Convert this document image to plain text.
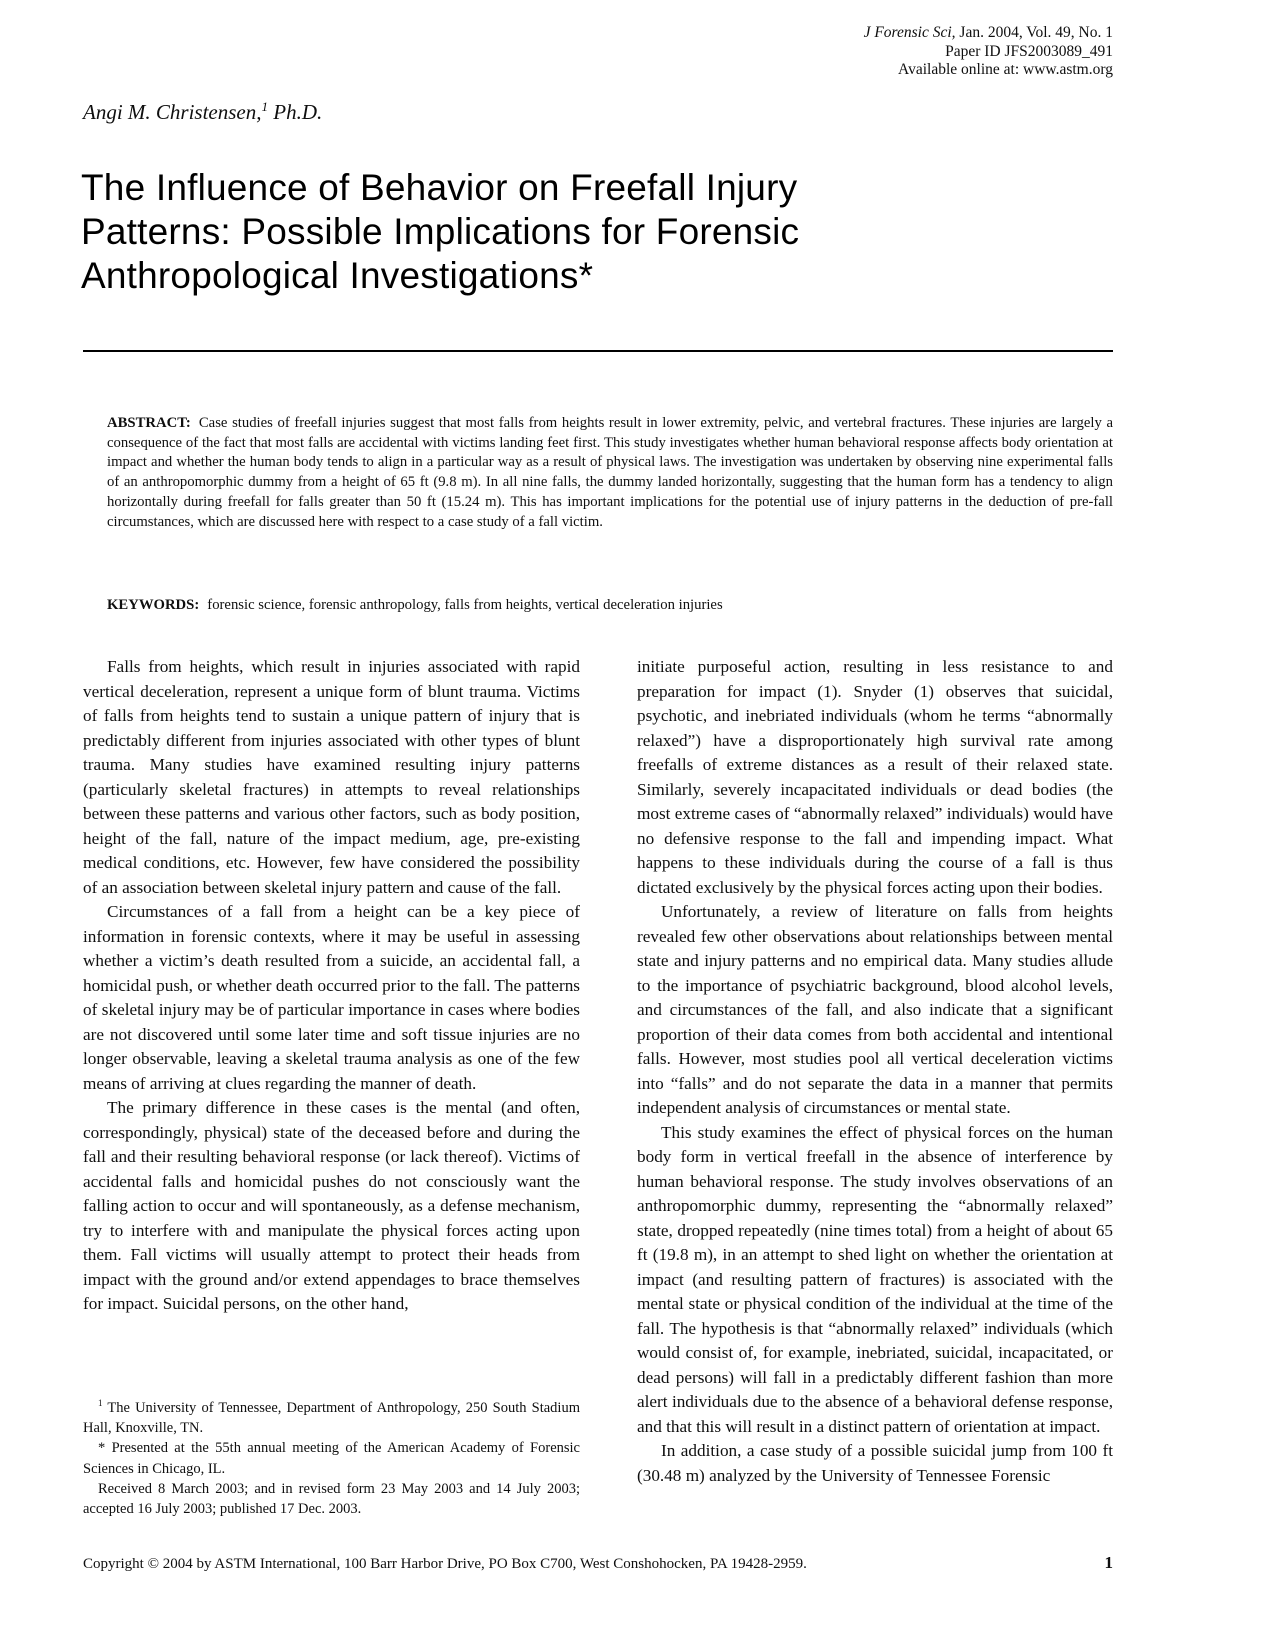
J Forensic Sci, Jan. 2004, Vol. 49, No. 1
Paper ID JFS2003089_491
Available online at: www.astm.org
Angi M. Christensen,$^1$ Ph.D.
The Influence of Behavior on Freefall Injury
Patterns: Possible Implications for Forensic
Anthropological Investigations*
ABSTRACT: Case studies of freefall injuries suggest that most falls from heights result in lower extremity, pelvic, and vertebral fractures. These injuries are largely a consequence of the fact that most falls are accidental with victims landing feet first. This study investigates whether human behavioral response affects body orientation at impact and whether the human body tends to align in a particular way as a result of physical laws. The investigation was undertaken by observing nine experimental falls of an anthropomorphic dummy from a height of 65 ft (9.8 m). In all nine falls, the dummy landed horizontally, suggesting that the human form has a tendency to align horizontally during freefall for falls greater than 50 ft (15.24 m). This has important implications for the potential use of injury patterns in the deduction of pre-fall circumstances, which are discussed here with respect to a case study of a fall victim.
KEYWORDS: forensic science, forensic anthropology, falls from heights, vertical deceleration injuries

Falls from heights, which result in injuries associated with rapid vertical deceleration, represent a unique form of blunt trauma. Victims of falls from heights tend to sustain a unique pattern of injury that is predictably different from injuries associated with other types of blunt trauma. Many studies have examined resulting injury patterns (particularly skeletal fractures) in attempts to reveal relationships between these patterns and various other factors, such as body position, height of the fall, nature of the impact medium, age, pre-existing medical conditions, etc. However, few have considered the possibility of an association between skeletal injury pattern and cause of the fall.

Circumstances of a fall from a height can be a key piece of information in forensic contexts, where it may be useful in assessing whether a victim’s death resulted from a suicide, an accidental fall, a homicidal push, or whether death occurred prior to the fall. The patterns of skeletal injury may be of particular importance in cases where bodies are not discovered until some later time and soft tissue injuries are no longer observable, leaving a skeletal trauma analysis as one of the few means of arriving at clues regarding the manner of death.

The primary difference in these cases is the mental (and often, correspondingly, physical) state of the deceased before and during the fall and their resulting behavioral response (or lack thereof). Victims of accidental falls and homicidal pushes do not consciously want the falling action to occur and will spontaneously, as a defense mechanism, try to interfere with and manipulate the physical forces acting upon them. Fall victims will usually attempt to protect their heads from impact with the ground and/or extend appendages to brace themselves for impact. Suicidal persons, on the other hand,

initiate purposeful action, resulting in less resistance to and preparation for impact (1). Snyder (1) observes that suicidal, psychotic, and inebriated individuals (whom he terms “abnormally relaxed”) have a disproportionately high survival rate among freefalls of extreme distances as a result of their relaxed state. Similarly, severely incapacitated individuals or dead bodies (the most extreme cases of “abnormally relaxed” individuals) would have no defensive response to the fall and impending impact. What happens to these individuals during the course of a fall is thus dictated exclusively by the physical forces acting upon their bodies.

Unfortunately, a review of literature on falls from heights revealed few other observations about relationships between mental state and injury patterns and no empirical data. Many studies allude to the importance of psychiatric background, blood alcohol levels, and circumstances of the fall, and also indicate that a significant proportion of their data comes from both accidental and intentional falls. However, most studies pool all vertical deceleration victims into “falls” and do not separate the data in a manner that permits independent analysis of circumstances or mental state.

This study examines the effect of physical forces on the human body form in vertical freefall in the absence of interference by human behavioral response. The study involves observations of an anthropomorphic dummy, representing the “abnormally relaxed” state, dropped repeatedly (nine times total) from a height of about 65 ft (19.8 m), in an attempt to shed light on whether the orientation at impact (and resulting pattern of fractures) is associated with the mental state or physical condition of the individual at the time of the fall. The hypothesis is that “abnormally relaxed” individuals (which would consist of, for example, inebriated, suicidal, incapacitated, or dead persons) will fall in a predictably different fashion than more alert individuals due to the absence of a behavioral defense response, and that this will result in a distinct pattern of orientation at impact.

In addition, a case study of a possible suicidal jump from 100 ft (30.48 m) analyzed by the University of Tennessee Forensic

$^1$ The University of Tennessee, Department of Anthropology, 250 South Stadium Hall, Knoxville, TN.

* Presented at the 55th annual meeting of the American Academy of Forensic Sciences in Chicago, IL.

Received 8 March 2003; and in revised form 23 May 2003 and 14 July 2003; accepted 16 July 2003; published 17 Dec. 2003.

Copyright © 2004 by ASTM International, 100 Barr Harbor Drive, PO Box C700, West Conshohocken, PA 19428-2959.	1
